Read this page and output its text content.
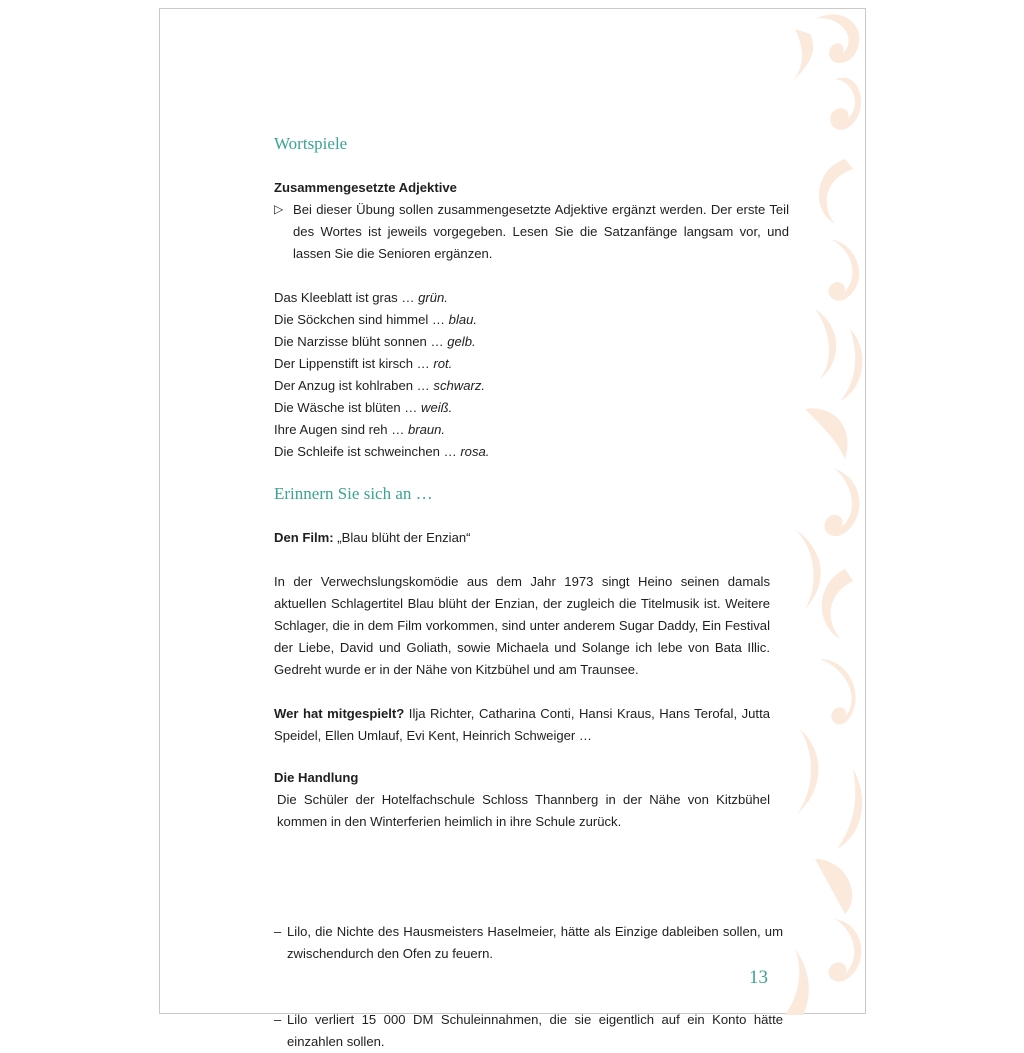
Wortspiele
Zusammengesetzte Adjektive
▷ Bei dieser Übung sollen zusammengesetzte Adjektive ergänzt werden. Der erste Teil des Wortes ist jeweils vorgegeben. Lesen Sie die Satzanfänge langsam vor, und lassen Sie die Senioren ergänzen.
Das Kleeblatt ist gras … grün.
Die Söckchen sind himmel … blau.
Die Narzisse blüht sonnen … gelb.
Der Lippenstift ist kirsch … rot.
Der Anzug ist kohlraben … schwarz.
Die Wäsche ist blüten … weiß.
Ihre Augen sind reh … braun.
Die Schleife ist schweinchen … rosa.
Erinnern Sie sich an …
Den Film: „Blau blüht der Enzian“
In der Verwechslungskomödie aus dem Jahr 1973 singt Heino seinen damals aktuellen Schlagertitel Blau blüht der Enzian, der zugleich die Titelmusik ist. Weitere Schlager, die in dem Film vorkommen, sind unter anderem Sugar Daddy, Ein Festival der Liebe, David und Goliath, sowie Michaela und Solange ich lebe von Bata Illic. Gedreht wurde er in der Nähe von Kitzbühel und am Traunsee.
Wer hat mitgespielt? Ilja Richter, Catharina Conti, Hansi Kraus, Hans Terofal, Jutta Speidel, Ellen Umlauf, Evi Kent, Heinrich Schweiger …
Die Handlung
Die Schüler der Hotelfachschule Schloss Thannberg in der Nähe von Kitzbühel kommen in den Winterferien heimlich in ihre Schule zurück.
– Lilo, die Nichte des Hausmeisters Haselmeier, hätte als Einzige dableiben sollen, um zwischendurch den Ofen zu feuern.
– Lilo verliert 15 000 DM Schuleinnahmen, die sie eigentlich auf ein Konto hätte einzahlen sollen.
13
